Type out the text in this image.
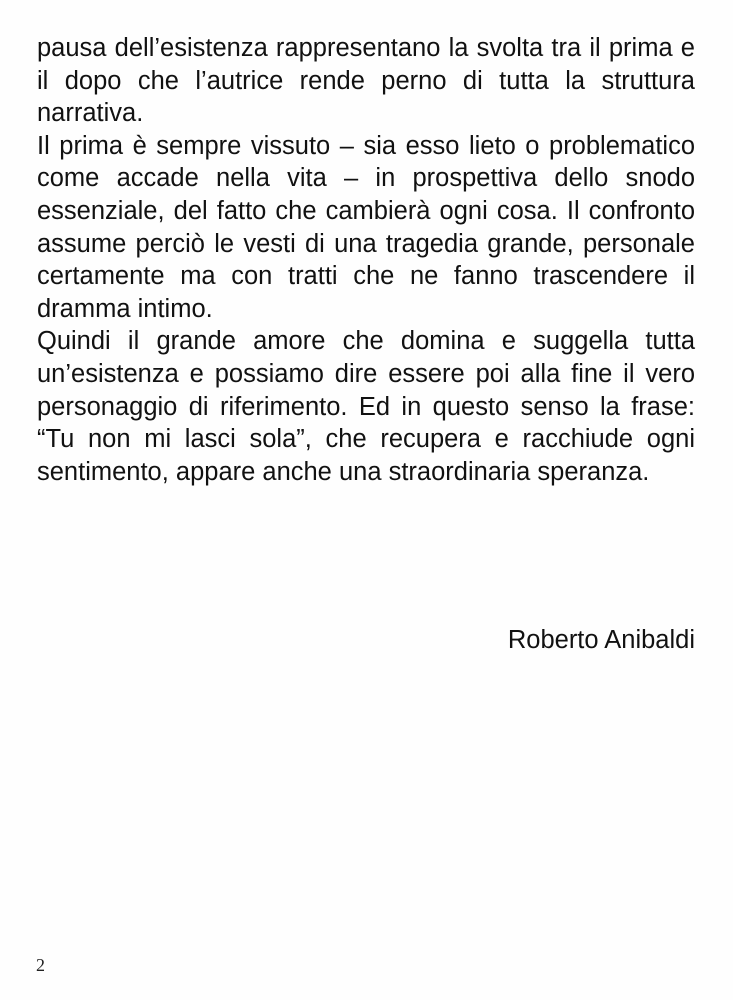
pausa dell’esistenza rappresentano la svolta tra il prima e il dopo che l’autrice rende perno di tutta la struttura narrativa.

Il prima è sempre vissuto – sia esso lieto o problematico come accade nella vita – in prospettiva dello snodo essenziale, del fatto che cambierà ogni cosa. Il confronto assume perciò le vesti di una tragedia grande, personale certamente ma con tratti che ne fanno trascendere il dramma intimo.

Quindi il grande amore che domina e suggella tutta un’esistenza e possiamo dire essere poi alla fine il vero personaggio di riferimento. Ed in questo senso la frase: “Tu non mi lasci sola”, che recupera e racchiude ogni sentimento, appare anche una straordinaria speranza.

Roberto Anibaldi
2
